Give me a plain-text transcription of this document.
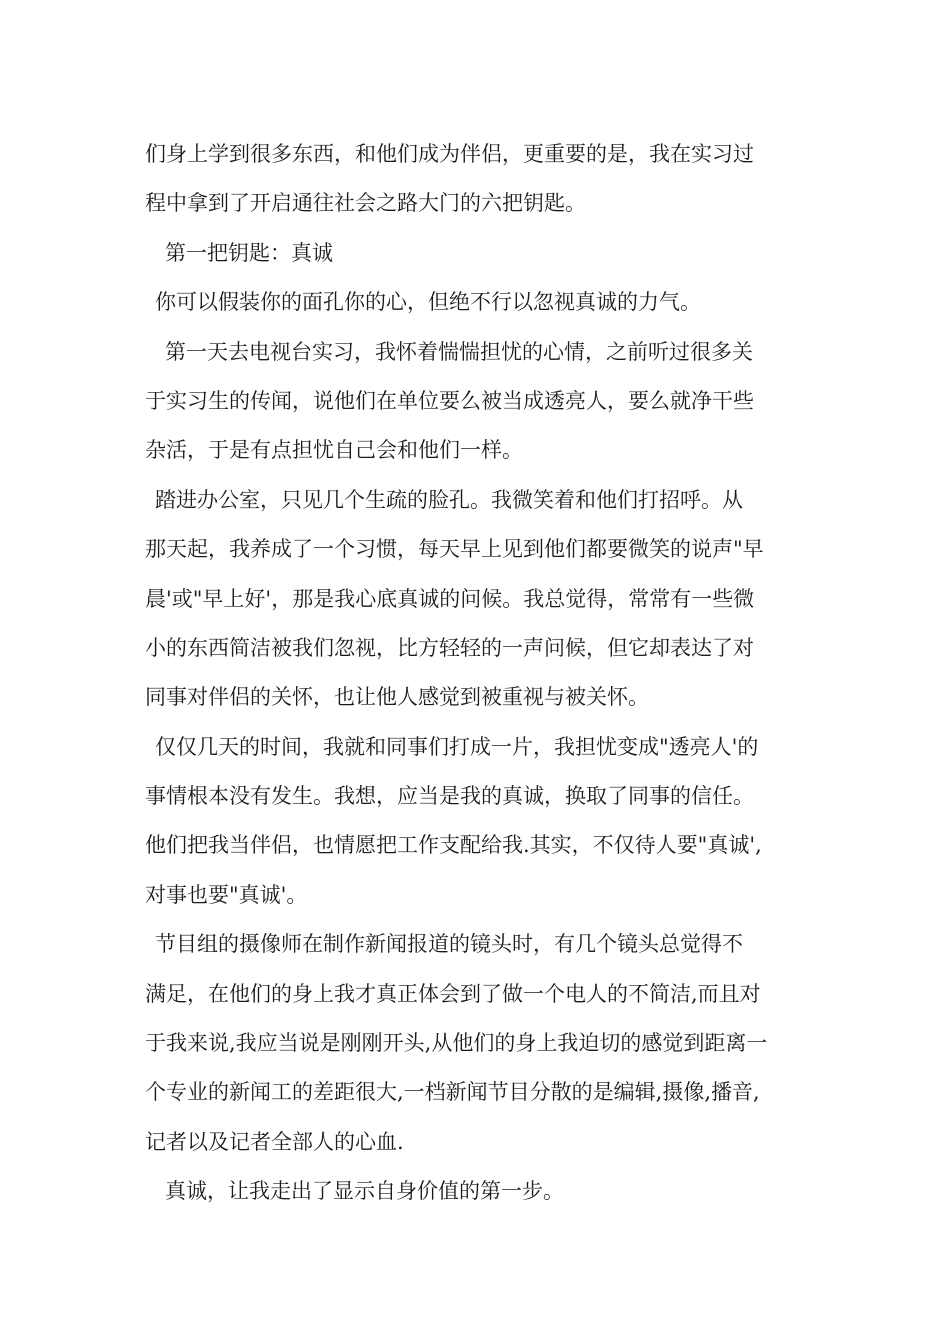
们身上学到很多东西，和他们成为伴侣，更重要的是，我在实习过
程中拿到了开启通往社会之路大门的六把钥匙。
第一把钥匙：真诚
你可以假装你的面孔你的心，但绝不行以忽视真诚的力气。
第一天去电视台实习，我怀着惴惴担忧的心情，之前听过很多关
于实习生的传闻，说他们在单位要么被当成透亮人，要么就净干些
杂活，于是有点担忧自己会和他们一样。
踏进办公室，只见几个生疏的脸孔。我微笑着和他们打招呼。从
那天起，我养成了一个习惯，每天早上见到他们都要微笑的说声"早
晨'或"早上好'，那是我心底真诚的问候。我总觉得，常常有一些微
小的东西简洁被我们忽视，比方轻轻的一声问候，但它却表达了对
同事对伴侣的关怀，也让他人感觉到被重视与被关怀。
仅仅几天的时间，我就和同事们打成一片，我担忧变成"透亮人'的
事情根本没有发生。我想，应当是我的真诚，换取了同事的信任。
他们把我当伴侣，也情愿把工作支配给我.其实，不仅待人要"真诚',
对事也要"真诚'。
节目组的摄像师在制作新闻报道的镜头时，有几个镜头总觉得不
满足，在他们的身上我才真正体会到了做一个电人的不简洁,而且对
于我来说,我应当说是刚刚开头,从他们的身上我迫切的感觉到距离一
个专业的新闻工的差距很大,一档新闻节目分散的是编辑,摄像,播音,
记者以及记者全部人的心血.
真诚，让我走出了显示自身价值的第一步。
